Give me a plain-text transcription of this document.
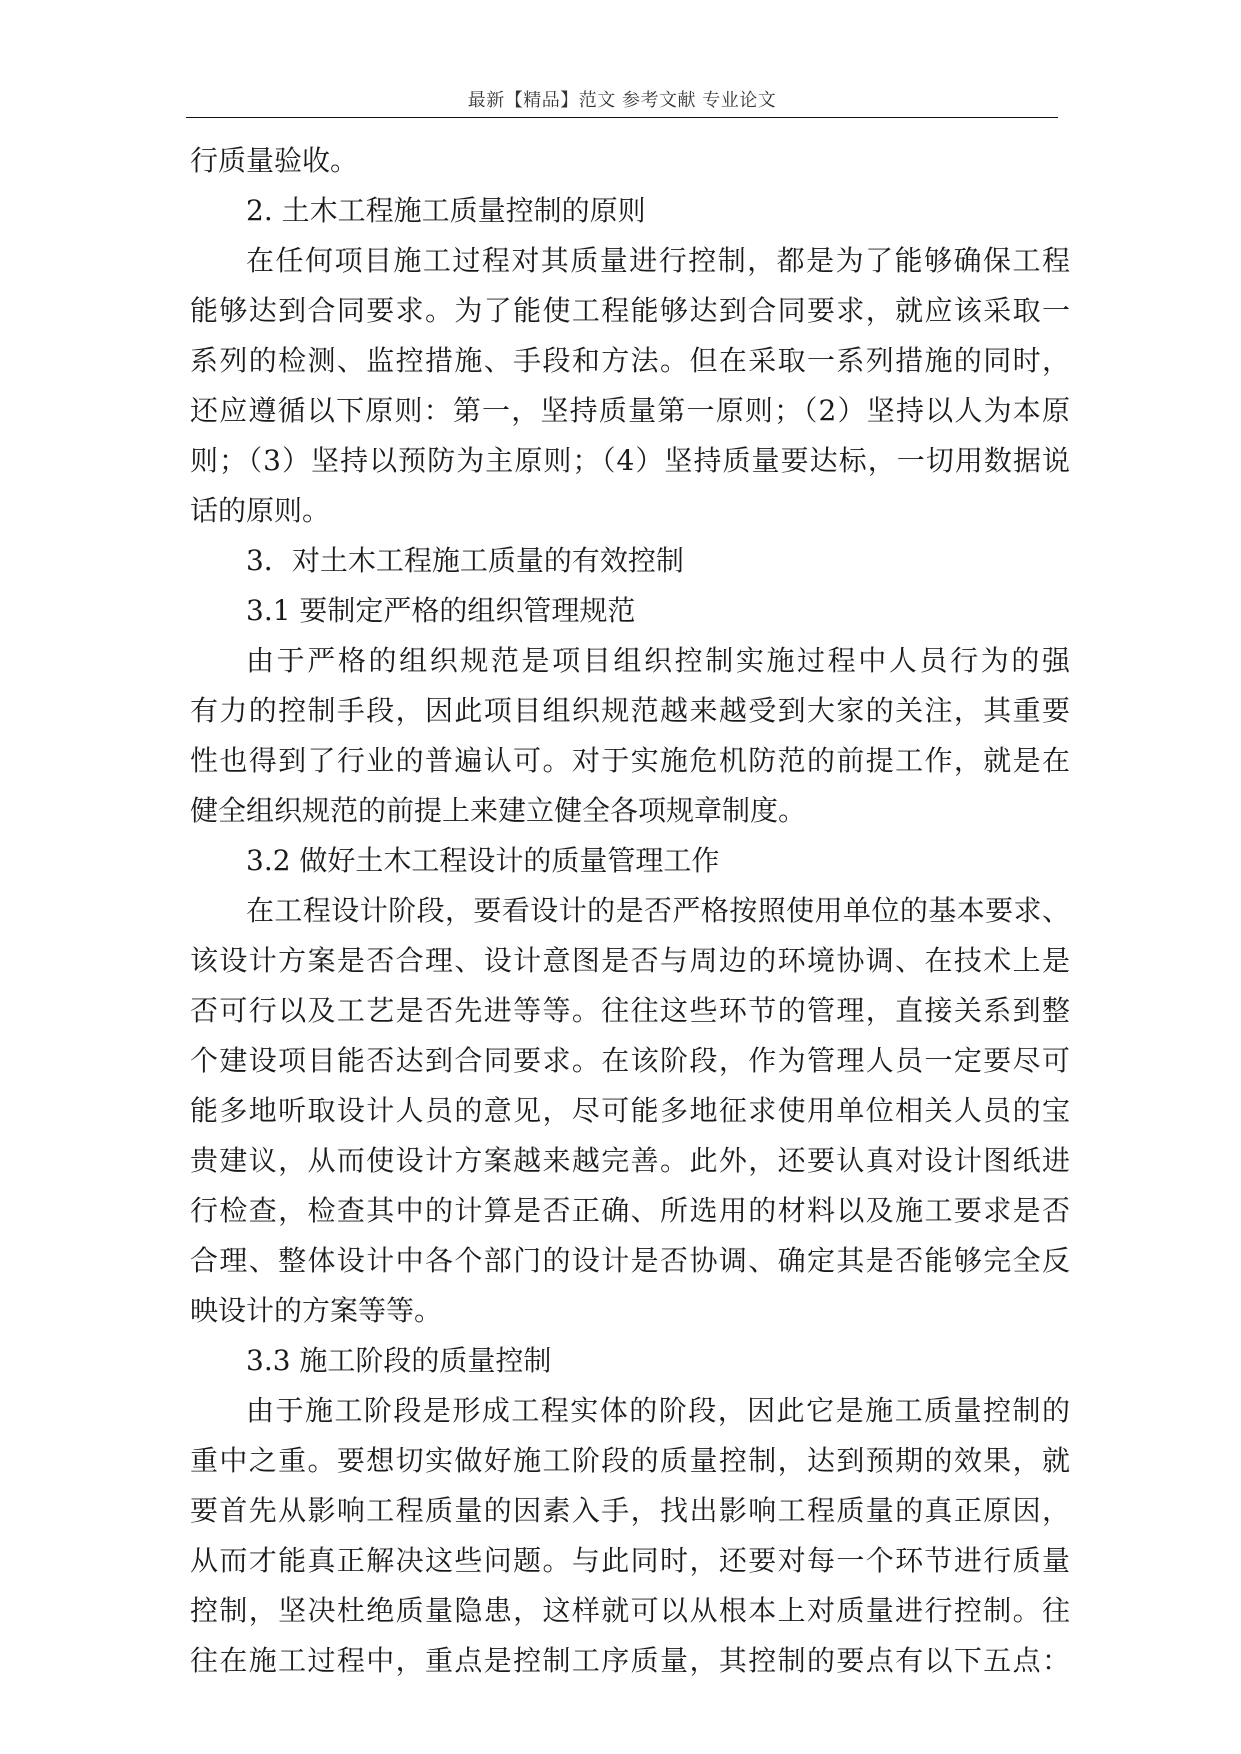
最新【精品】范文 参考文献 专业论文
行质量验收。
2. 土木工程施工质量控制的原则
在任何项目施工过程对其质量进行控制，都是为了能够确保工程
能够达到合同要求。为了能使工程能够达到合同要求，就应该采取一
系列的检测、监控措施、手段和方法。但在采取一系列措施的同时，
还应遵循以下原则：第一，坚持质量第一原则；（2）坚持以人为本原
则；（3）坚持以预防为主原则；（4）坚持质量要达标，一切用数据说
话的原则。
3．对土木工程施工质量的有效控制
3.1 要制定严格的组织管理规范
由于严格的组织规范是项目组织控制实施过程中人员行为的强
有力的控制手段，因此项目组织规范越来越受到大家的关注，其重要
性也得到了行业的普遍认可。对于实施危机防范的前提工作，就是在
健全组织规范的前提上来建立健全各项规章制度。
3.2 做好土木工程设计的质量管理工作
在工程设计阶段，要看设计的是否严格按照使用单位的基本要求、
该设计方案是否合理、设计意图是否与周边的环境协调、在技术上是
否可行以及工艺是否先进等等。往往这些环节的管理，直接关系到整
个建设项目能否达到合同要求。在该阶段，作为管理人员一定要尽可
能多地听取设计人员的意见，尽可能多地征求使用单位相关人员的宝
贵建议，从而使设计方案越来越完善。此外，还要认真对设计图纸进
行检查，检查其中的计算是否正确、所选用的材料以及施工要求是否
合理、整体设计中各个部门的设计是否协调、确定其是否能够完全反
映设计的方案等等。
3.3 施工阶段的质量控制
由于施工阶段是形成工程实体的阶段，因此它是施工质量控制的
重中之重。要想切实做好施工阶段的质量控制，达到预期的效果，就
要首先从影响工程质量的因素入手，找出影响工程质量的真正原因，
从而才能真正解决这些问题。与此同时，还要对每一个环节进行质量
控制，坚决杜绝质量隐患，这样就可以从根本上对质量进行控制。往
往在施工过程中，重点是控制工序质量，其控制的要点有以下五点：
